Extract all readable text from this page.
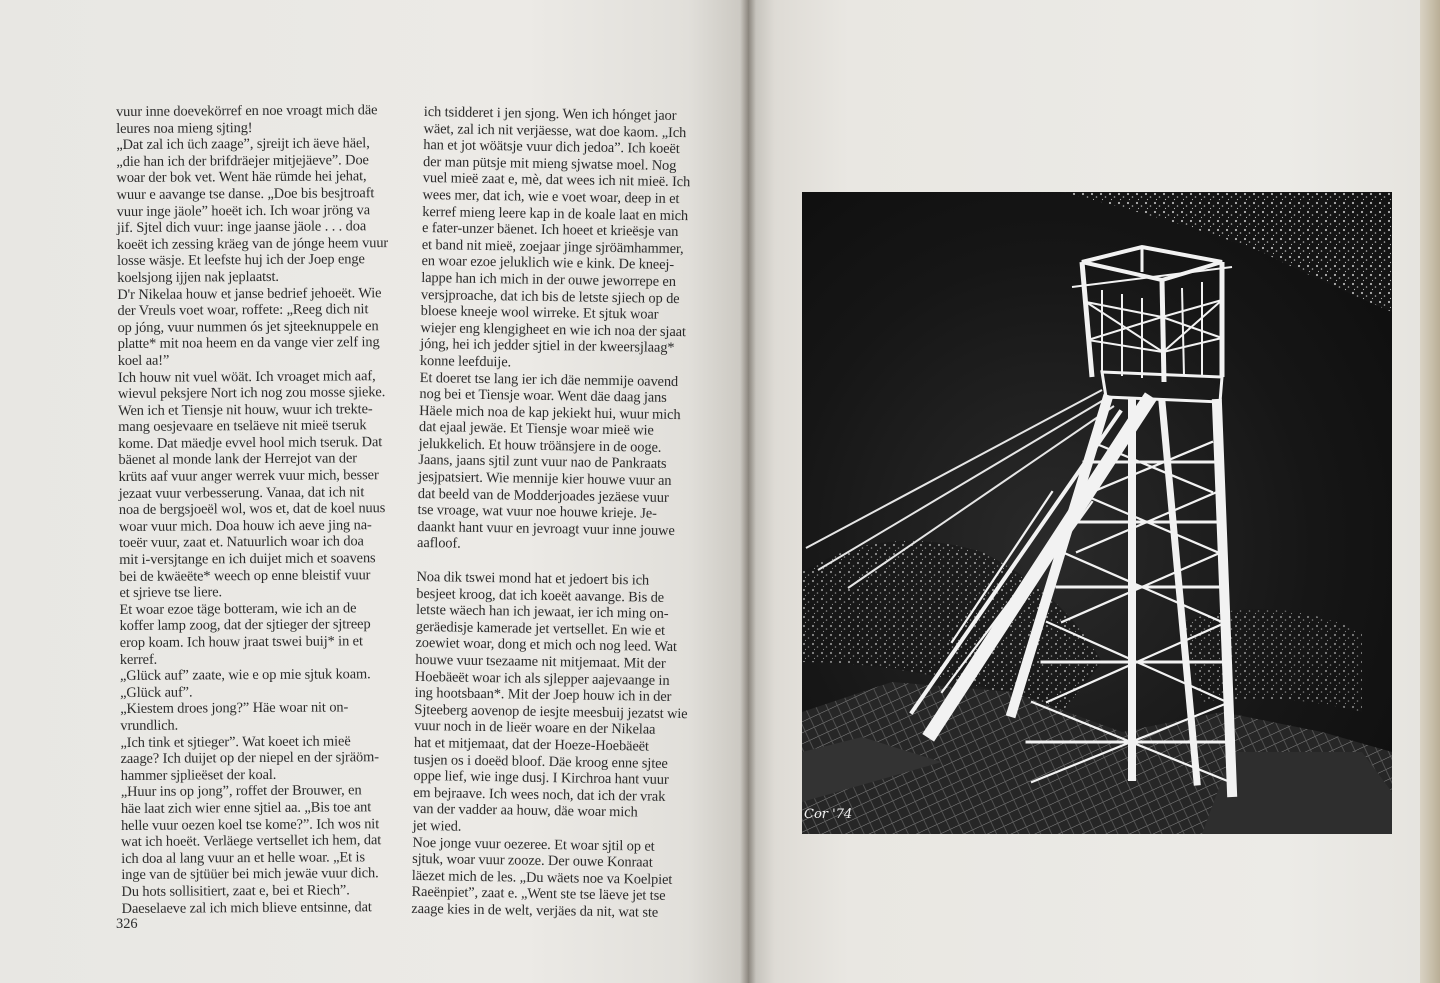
vuur inne doevekörref en noe vroagt mich däe

leures noa mieng sjting!

„Dat zal ich üch zaage”, sjreijt ich äeve häel,

„die han ich der brifdräejer mitjejäeve”. Doe

woar der bok vet. Went häe rümde hei jehat,

wuur e aavange tse danse. „Doe bis besjtroaft

vuur inge jäole” hoeët ich. Ich woar jröng va

jif. Sjtel dich vuur: inge jaanse jäole . . . doa

koeët ich zessing kräeg van de jónge heem vuur

losse wäsje. Et leefste huj ich der Joep enge

koelsjong ijjen nak jeplaatst.

D'r Nikelaa houw et janse bedrief jehoeët. Wie

der Vreuls voet woar, roffete: „Reeg dich nit

op jóng, vuur nummen ós jet sjteeknuppele en

platte* mit noa heem en da vange vier zelf ing

koel aa!”

Ich houw nit vuel wöät. Ich vroaget mich aaf,

wievul peksjere Nort ich nog zou mosse sjieke.

Wen ich et Tiensje nit houw, wuur ich trekte-

mang oesjevaare en tseläeve nit mieë tseruk

kome. Dat mäedje evvel hool mich tseruk. Dat

bäenet al monde lank der Herrejot van der

krüts aaf vuur anger werrek vuur mich, besser

jezaat vuur verbesserung. Vanaa, dat ich nit

noa de bergsjoeël wol, wos et, dat de koel nuus

woar vuur mich. Doa houw ich aeve jing na-

toeër vuur, zaat et. Natuurlich woar ich doa

mit i-versjtange en ich duijet mich et soavens

bei de kwäeëte* weech op enne bleistif vuur

et sjrieve tse liere.

Et woar ezoe täge botteram, wie ich an de

koffer lamp zoog, dat der sjtieger der sjtreep

erop koam. Ich houw jraat tswei buij* in et

kerref.

„Glück auf” zaate, wie e op mie sjtuk koam.

„Glück auf”.

„Kiestem droes jong?” Häe woar nit on-

vrundlich.

„Ich tink et sjtieger”. Wat koeet ich mieë

zaage? Ich duijet op der niepel en der sjräöm-

hammer sjplieëset der koal.

„Huur ins op jong”, roffet der Brouwer, en

häe laat zich wier enne sjtiel aa. „Bis toe ant

helle vuur oezen koel tse kome?”. Ich wos nit

wat ich hoeët. Verläege vertsellet ich hem, dat

ich doa al lang vuur an et helle woar. „Et is

inge van de sjtüüer bei mich jewäe vuur dich.

Du hots sollisitiert, zaat e, bei et Riech”.

Daeselaeve zal ich mich blieve entsinne, dat

ich tsidderet i jen sjong. Wen ich hónget jaor

wäet, zal ich nit verjäesse, wat doe kaom. „Ich

han et jot wöätsje vuur dich jedoa”. Ich koeët

der man pütsje mit mieng sjwatse moel. Nog

vuel mieë zaat e, mè, dat wees ich nit mieë. Ich

wees mer, dat ich, wie e voet woar, deep in et

kerref mieng leere kap in de koale laat en mich

e fater-unzer bäenet. Ich hoeet et krieësje van

et band nit mieë, zoejaar jinge sjröämhammer,

en woar ezoe jeluklich wie e kink. De kneej-

lappe han ich mich in der ouwe jeworrepe en

versjproache, dat ich bis de letste sjiech op de

bloese kneeje wool wirreke. Et sjtuk woar

wiejer eng klengigheet en wie ich noa der sjaat

jóng, hei ich jedder sjtiel in der kweersjlaag*

konne leefduije.

Et doeret tse lang ier ich däe nemmije oavend

nog bei et Tiensje woar. Went däe daag jans

Häele mich noa de kap jekiekt hui, wuur mich

dat ejaal jewäe. Et Tiensje woar mieë wie

jelukkelich. Et houw tröänsjere in de ooge.

Jaans, jaans sjtil zunt vuur nao de Pankraats

jesjpatsiert. Wie mennije kier houwe vuur an

dat beeld van de Modderjoades jezäese vuur

tse vroage, wat vuur noe houwe krieje. Je-

daankt hant vuur en jevroagt vuur inne jouwe

aafloof.

Noa dik tswei mond hat et jedoert bis ich

besjeet kroog, dat ich koeët aavange. Bis de

letste wäech han ich jewaat, ier ich ming on-

geräedisje kamerade jet vertsellet. En wie et

zoewiet woar, dong et mich och nog leed. Wat

houwe vuur tsezaame nit mitjemaat. Mit der

Hoebäeët woar ich als sjlepper aajevaange in

ing hootsbaan*. Mit der Joep houw ich in der

Sjteeberg aovenop de iesjte meesbuij jezatst wie

vuur noch in de lieër woare en der Nikelaa

hat et mitjemaat, dat der Hoeze-Hoebäeët

tusjen os i doeëd bloof. Däe kroog enne sjtee

oppe lief, wie inge dusj. I Kirchroa hant vuur

em bejraave. Ich wees noch, dat ich der vrak

van der vadder aa houw, däe woar mich

jet wied.

Noe jonge vuur oezeree. Et woar sjtil op et

sjtuk, woar vuur zooze. Der ouwe Konraat

läezet mich de les. „Du wäets noe va Koelpiet

Raeënpiet”, zaat e. „Went ste tse läeve jet tse

zaage kies in de welt, verjäes da nit, wat ste

326
Cor '74
